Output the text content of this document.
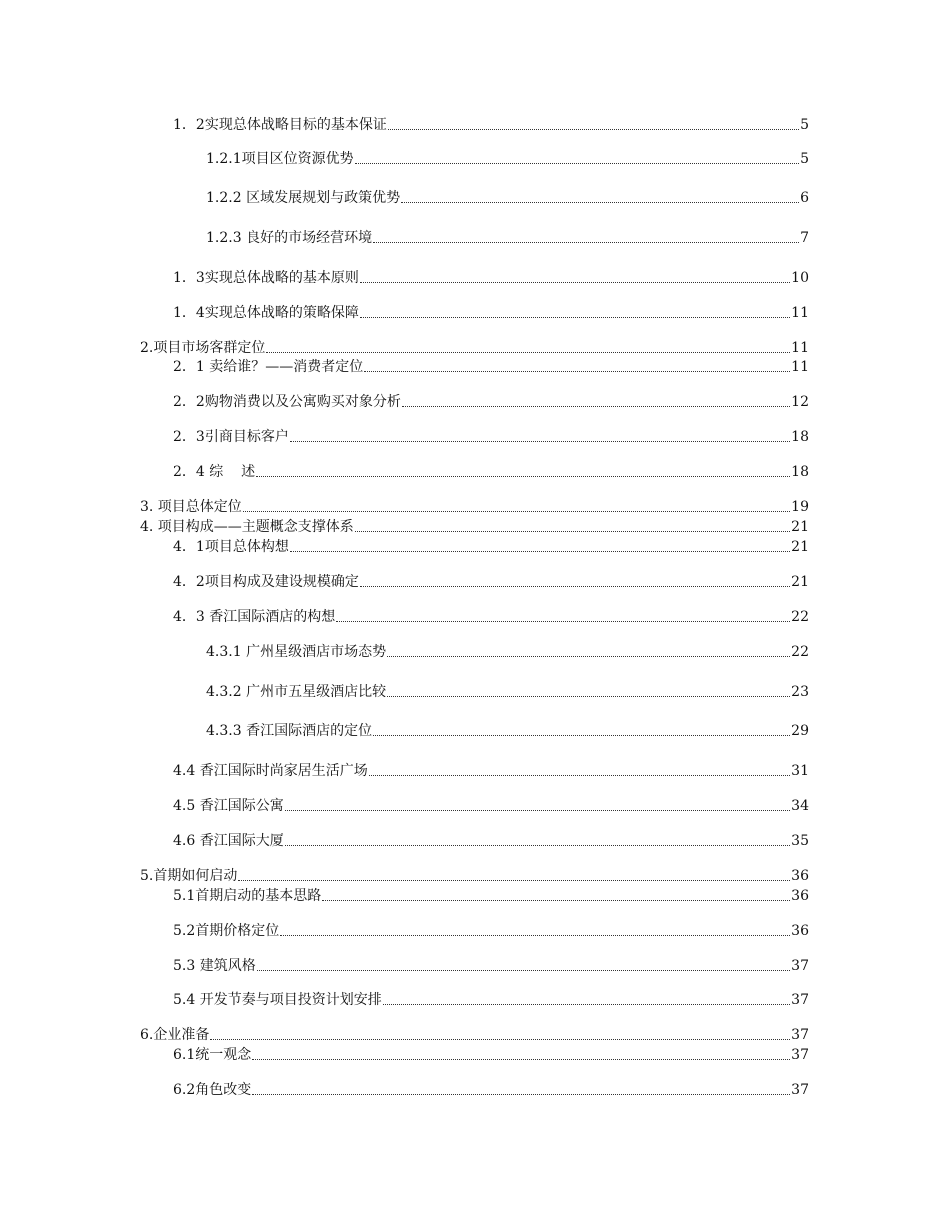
1．2实现总体战略目标的基本保证	5
1.2.1项目区位资源优势	5
1.2.2 区域发展规划与政策优势	6
1.2.3 良好的市场经营环境	7
1．3实现总体战略的基本原则	10
1．4实现总体战略的策略保障	11
2.项目市场客群定位	11
2．1 卖给谁？——消费者定位	11
2．2购物消费以及公寓购买对象分析	12
2．3引商目标客户	18
2．4 综    述	18
3. 项目总体定位	19
4. 项目构成——主题概念支撑体系	21
4．1项目总体构想	21
4．2项目构成及建设规模确定	21
4．3 香江国际酒店的构想	22
4.3.1 广州星级酒店市场态势	22
4.3.2 广州市五星级酒店比较	23
4.3.3 香江国际酒店的定位	29
4.4 香江国际时尚家居生活广场	31
4.5 香江国际公寓	34
4.6 香江国际大厦	35
5.首期如何启动	36
5.1首期启动的基本思路	36
5.2首期价格定位	36
5.3 建筑风格	37
5.4 开发节奏与项目投资计划安排	37
6.企业准备	37
6.1统一观念	37
6.2角色改变	37
